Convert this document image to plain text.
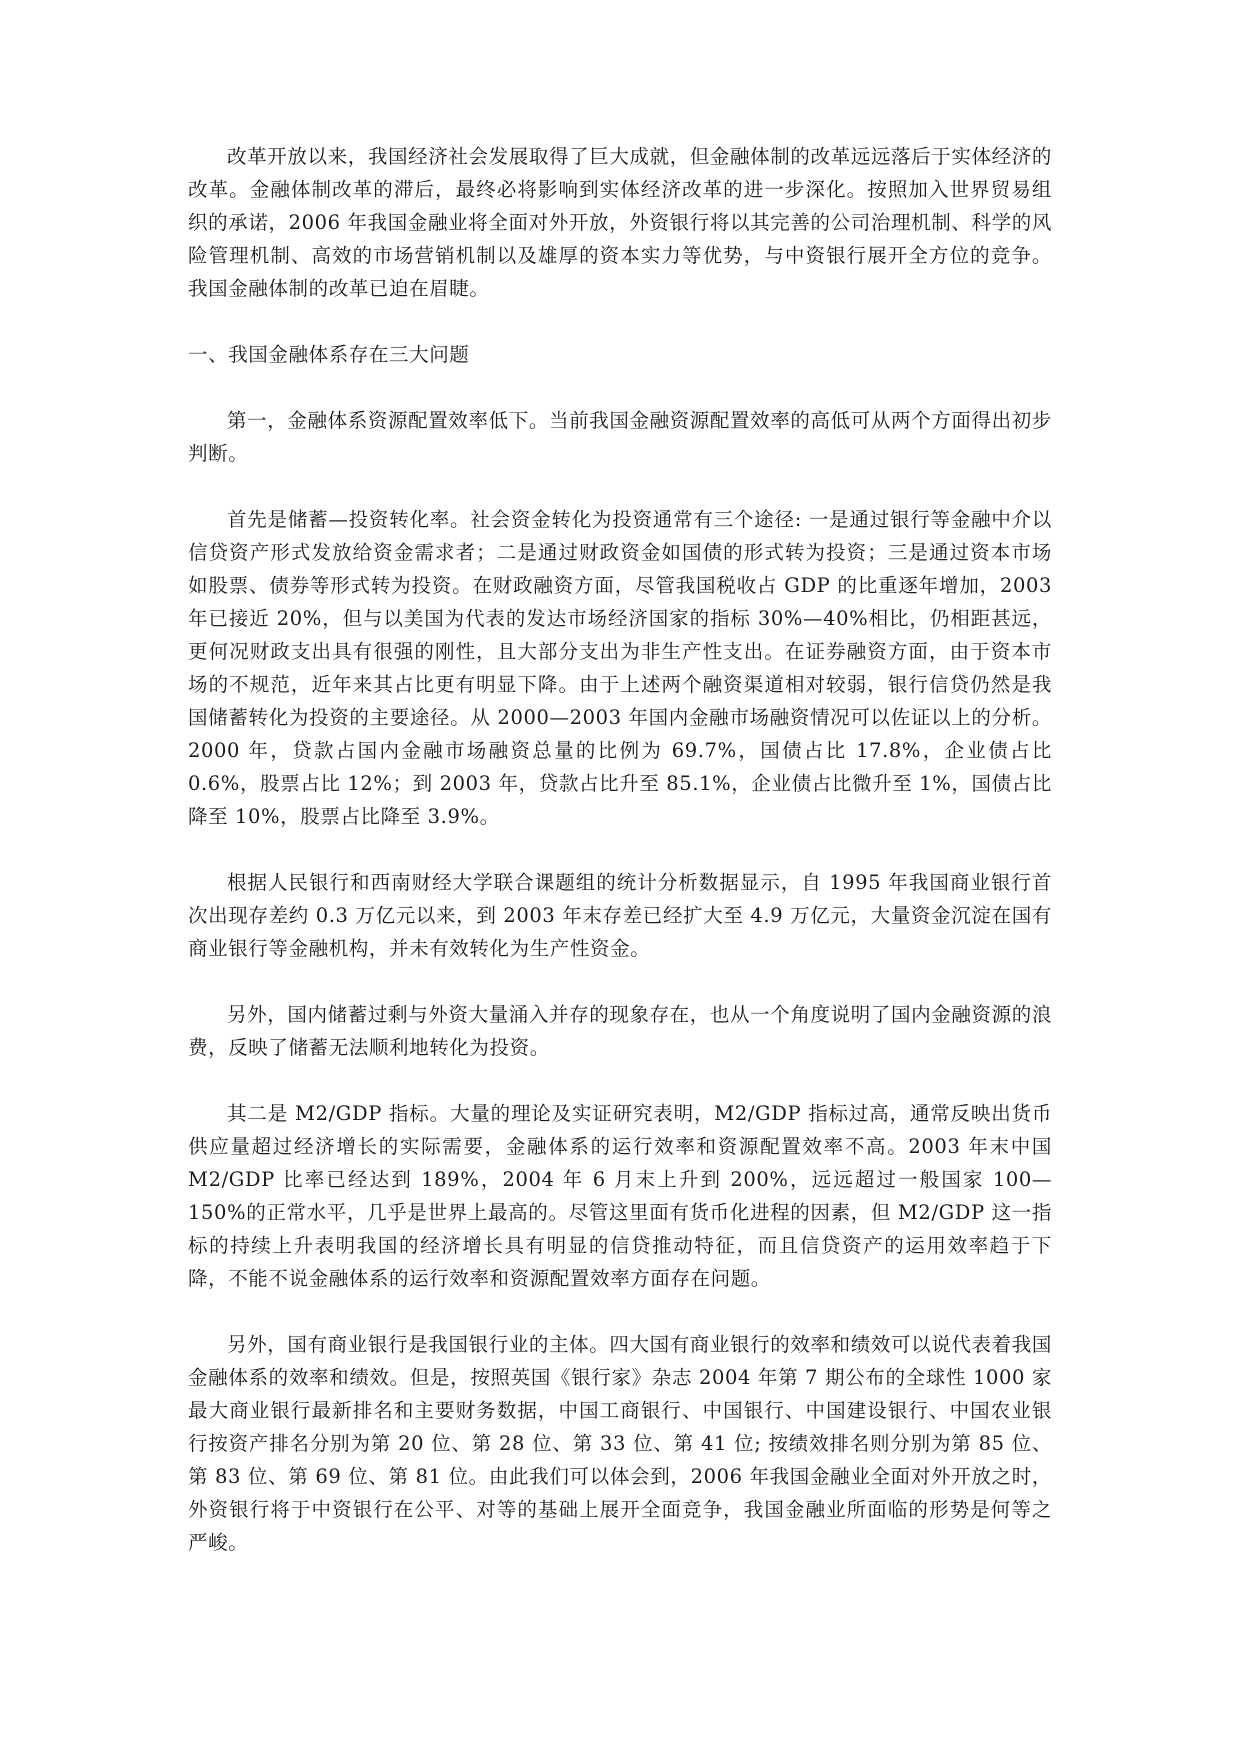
改革开放以来，我国经济社会发展取得了巨大成就，但金融体制的改革远远落后于实体经济的改革。金融体制改革的滞后，最终必将影响到实体经济改革的进一步深化。按照加入世界贸易组织的承诺，2006 年我国金融业将全面对外开放，外资银行将以其完善的公司治理机制、科学的风险管理机制、高效的市场营销机制以及雄厚的资本实力等优势，与中资银行展开全方位的竞争。我国金融体制的改革已迫在眉睫。

一、我国金融体系存在三大问题

第一，金融体系资源配置效率低下。当前我国金融资源配置效率的高低可从两个方面得出初步判断。

首先是储蓄—投资转化率。社会资金转化为投资通常有三个途径: 一是通过银行等金融中介以信贷资产形式发放给资金需求者；二是通过财政资金如国债的形式转为投资；三是通过资本市场如股票、债券等形式转为投资。在财政融资方面，尽管我国税收占 GDP 的比重逐年增加，2003 年已接近 20%，但与以美国为代表的发达市场经济国家的指标 30%—40%相比，仍相距甚远，更何况财政支出具有很强的刚性，且大部分支出为非生产性支出。在证券融资方面，由于资本市场的不规范，近年来其占比更有明显下降。由于上述两个融资渠道相对较弱，银行信贷仍然是我国储蓄转化为投资的主要途径。从 2000—2003 年国内金融市场融资情况可以佐证以上的分析。2000 年，贷款占国内金融市场融资总量的比例为 69.7%，国债占比 17.8%，企业债占比 0.6%，股票占比 12%；到 2003 年，贷款占比升至 85.1%，企业债占比微升至 1%，国债占比降至 10%，股票占比降至 3.9%。

根据人民银行和西南财经大学联合课题组的统计分析数据显示，自 1995 年我国商业银行首次出现存差约 0.3 万亿元以来，到 2003 年末存差已经扩大至 4.9 万亿元，大量资金沉淀在国有商业银行等金融机构，并未有效转化为生产性资金。

另外，国内储蓄过剩与外资大量涌入并存的现象存在，也从一个角度说明了国内金融资源的浪费，反映了储蓄无法顺利地转化为投资。

其二是 M2/GDP 指标。大量的理论及实证研究表明，M2/GDP 指标过高，通常反映出货币供应量超过经济增长的实际需要，金融体系的运行效率和资源配置效率不高。2003 年末中国 M2/GDP 比率已经达到 189%，2004 年 6 月末上升到 200%，远远超过一般国家 100—150%的正常水平，几乎是世界上最高的。尽管这里面有货币化进程的因素，但 M2/GDP 这一指标的持续上升表明我国的经济增长具有明显的信贷推动特征，而且信贷资产的运用效率趋于下降，不能不说金融体系的运行效率和资源配置效率方面存在问题。

另外，国有商业银行是我国银行业的主体。四大国有商业银行的效率和绩效可以说代表着我国金融体系的效率和绩效。但是，按照英国《银行家》杂志 2004 年第 7 期公布的全球性 1000 家最大商业银行最新排名和主要财务数据，中国工商银行、中国银行、中国建设银行、中国农业银行按资产排名分别为第 20 位、第 28 位、第 33 位、第 41 位; 按绩效排名则分别为第 85 位、第 83 位、第 69 位、第 81 位。由此我们可以体会到，2006 年我国金融业全面对外开放之时，外资银行将于中资银行在公平、对等的基础上展开全面竞争，我国金融业所面临的形势是何等之严峻。
